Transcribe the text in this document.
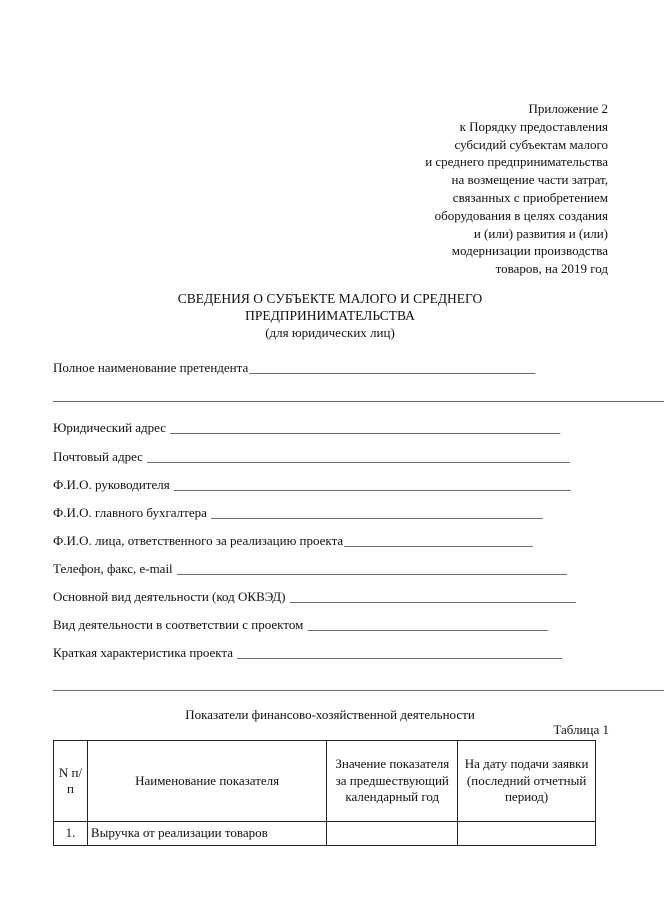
Приложение 2
к Порядку предоставления
субсидий субъектам малого
и среднего предпринимательства
на возмещение части затрат,
связанных с приобретением
оборудования в целях создания
и (или) развития и (или)
модернизации производства
товаров, на 2019 год
СВЕДЕНИЯ О СУБЪЕКТЕ МАЛОГО И СРЕДНЕГО
ПРЕДПРИНИМАТЕЛЬСТВА
(для юридических лиц)
Полное наименование претендента____________________________________________
______________________________________________________________________________________________
Юридический адрес ____________________________________________________________
Почтовый адрес _________________________________________________________________
Ф.И.О. руководителя _____________________________________________________________
Ф.И.О. главного бухгалтера ___________________________________________________
Ф.И.О. лица, ответственного за реализацию проекта_____________________________
Телефон, факс, e-mail ____________________________________________________________
Основной вид деятельности (код ОКВЭД) ____________________________________________
Вид деятельности в соответствии с проектом _____________________________________
Краткая характеристика проекта __________________________________________________
______________________________________________________________________________________________
Показатели финансово-хозяйственной деятельности
Таблица 1
N п/п	Наименование показателя	Значение показателя за предшествующий календарный год	На дату подачи заявки (последний отчетный период)
1.	Выручка от реализации товаров		
